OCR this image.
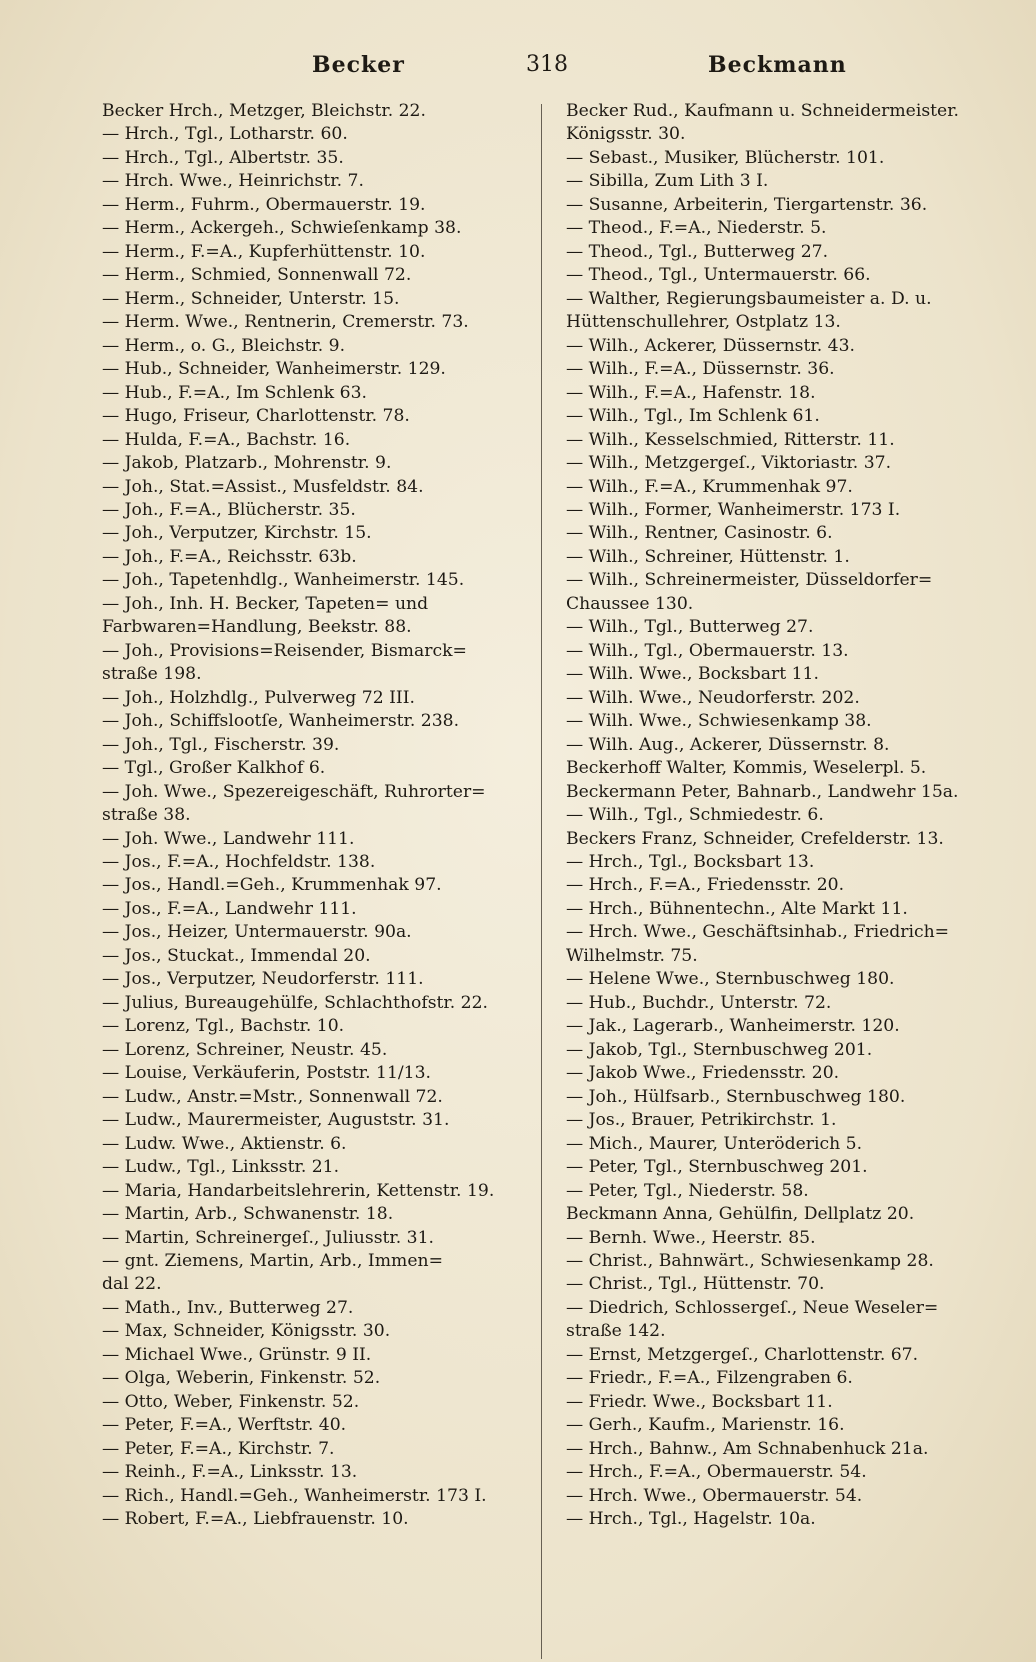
Becker	318	Beckmann
Becker Hrch., Metzger, Bleichstr. 22.
— Hrch., Tgl., Lotharstr. 60.
— Hrch., Tgl., Albertstr. 35.
— Hrch. Wwe., Heinrichstr. 7.
— Herm., Fuhrm., Obermauerstr. 19.
— Herm., Ackergeh., Schwieſenkamp 38.
— Herm., F.=A., Kupferhüttenstr. 10.
— Herm., Schmied, Sonnenwall 72.
— Herm., Schneider, Unterstr. 15.
— Herm. Wwe., Rentnerin, Cremerstr. 73.
— Herm., o. G., Bleichstr. 9.
— Hub., Schneider, Wanheimerstr. 129.
— Hub., F.=A., Im Schlenk 63.
— Hugo, Friseur, Charlottenstr. 78.
— Hulda, F.=A., Bachstr. 16.
— Jakob, Platzarb., Mohrenstr. 9.
— Joh., Stat.=Assist., Musfeldstr. 84.
— Joh., F.=A., Blücherstr. 35.
— Joh., Verputzer, Kirchstr. 15.
— Joh., F.=A., Reichsstr. 63b.
— Joh., Tapetenhdlg., Wanheimerstr. 145.
— Joh., Inh. H. Becker, Tapeten= und
Farbwaren=Handlung, Beekstr. 88.
— Joh., Provisions=Reisender, Bismarck=
straße 198.
— Joh., Holzhdlg., Pulverweg 72 III.
— Joh., Schiffslootſe, Wanheimerstr. 238.
— Joh., Tgl., Fischerstr. 39.
— Tgl., Großer Kalkhof 6.
— Joh. Wwe., Spezereigeschäft, Ruhrorter=
straße 38.
— Joh. Wwe., Landwehr 111.
— Jos., F.=A., Hochfeldstr. 138.
— Jos., Handl.=Geh., Krummenhak 97.
— Jos., F.=A., Landwehr 111.
— Jos., Heizer, Untermauerstr. 90a.
— Jos., Stuckat., Immendal 20.
— Jos., Verputzer, Neudorferstr. 111.
— Julius, Bureaugehülfe, Schlachthofstr. 22.
— Lorenz, Tgl., Bachstr. 10.
— Lorenz, Schreiner, Neustr. 45.
— Louise, Verkäuferin, Poststr. 11/13.
— Ludw., Anstr.=Mstr., Sonnenwall 72.
— Ludw., Maurermeister, Auguststr. 31.
— Ludw. Wwe., Aktienstr. 6.
— Ludw., Tgl., Linksstr. 21.
— Maria, Handarbeitslehrerin, Kettenstr. 19.
— Martin, Arb., Schwanenstr. 18.
— Martin, Schreinergeſ., Juliusstr. 31.
— gnt. Ziemens, Martin, Arb., Immen=
dal 22.
— Math., Inv., Butterweg 27.
— Max, Schneider, Königsstr. 30.
— Michael Wwe., Grünstr. 9 II.
— Olga, Weberin, Finkenstr. 52.
— Otto, Weber, Finkenstr. 52.
— Peter, F.=A., Werftstr. 40.
— Peter, F.=A., Kirchstr. 7.
— Reinh., F.=A., Linksstr. 13.
— Rich., Handl.=Geh., Wanheimerstr. 173 I.
— Robert, F.=A., Liebfrauenstr. 10.
Becker Rud., Kaufmann u. Schneidermeister.
Königsstr. 30.
— Sebast., Musiker, Blücherstr. 101.
— Sibilla, Zum Lith 3 I.
— Susanne, Arbeiterin, Tiergartenstr. 36.
— Theod., F.=A., Niederstr. 5.
— Theod., Tgl., Butterweg 27.
— Theod., Tgl., Untermauerstr. 66.
— Walther, Regierungsbaumeister a. D. u.
Hüttenschullehrer, Ostplatz 13.
— Wilh., Ackerer, Düssernstr. 43.
— Wilh., F.=A., Düssernstr. 36.
— Wilh., F.=A., Hafenstr. 18.
— Wilh., Tgl., Im Schlenk 61.
— Wilh., Kesselschmied, Ritterstr. 11.
— Wilh., Metzgergeſ., Viktoriastr. 37.
— Wilh., F.=A., Krummenhak 97.
— Wilh., Former, Wanheimerstr. 173 I.
— Wilh., Rentner, Casinostr. 6.
— Wilh., Schreiner, Hüttenstr. 1.
— Wilh., Schreinermeister, Düsseldorfer=
Chaussee 130.
— Wilh., Tgl., Butterweg 27.
— Wilh., Tgl., Obermauerstr. 13.
— Wilh. Wwe., Bocksbart 11.
— Wilh. Wwe., Neudorferstr. 202.
— Wilh. Wwe., Schwiesenkamp 38.
— Wilh. Aug., Ackerer, Düssernstr. 8.
Beckerhoff Walter, Kommis, Weselerpl. 5.
Beckermann Peter, Bahnarb., Landwehr 15a.
— Wilh., Tgl., Schmiedestr. 6.
Beckers Franz, Schneider, Crefelderstr. 13.
— Hrch., Tgl., Bocksbart 13.
— Hrch., F.=A., Friedensstr. 20.
— Hrch., Bühnentechn., Alte Markt 11.
— Hrch. Wwe., Geschäftsinhab., Friedrich=
Wilhelmstr. 75.
— Helene Wwe., Sternbuschweg 180.
— Hub., Buchdr., Unterstr. 72.
— Jak., Lagerarb., Wanheimerstr. 120.
— Jakob, Tgl., Sternbuschweg 201.
— Jakob Wwe., Friedensstr. 20.
— Joh., Hülfsarb., Sternbuschweg 180.
— Jos., Brauer, Petrikirchstr. 1.
— Mich., Maurer, Unteröderich 5.
— Peter, Tgl., Sternbuschweg 201.
— Peter, Tgl., Niederstr. 58.
Beckmann Anna, Gehülfin, Dellplatz 20.
— Bernh. Wwe., Heerstr. 85.
— Christ., Bahnwärt., Schwiesenkamp 28.
— Christ., Tgl., Hüttenstr. 70.
— Diedrich, Schlossergeſ., Neue Weseler=
straße 142.
— Ernst, Metzgergeſ., Charlottenstr. 67.
— Friedr., F.=A., Filzengraben 6.
— Friedr. Wwe., Bocksbart 11.
— Gerh., Kaufm., Marienstr. 16.
— Hrch., Bahnw., Am Schnabenhuck 21a.
— Hrch., F.=A., Obermauerstr. 54.
— Hrch. Wwe., Obermauerstr. 54.
— Hrch., Tgl., Hagelstr. 10a.
